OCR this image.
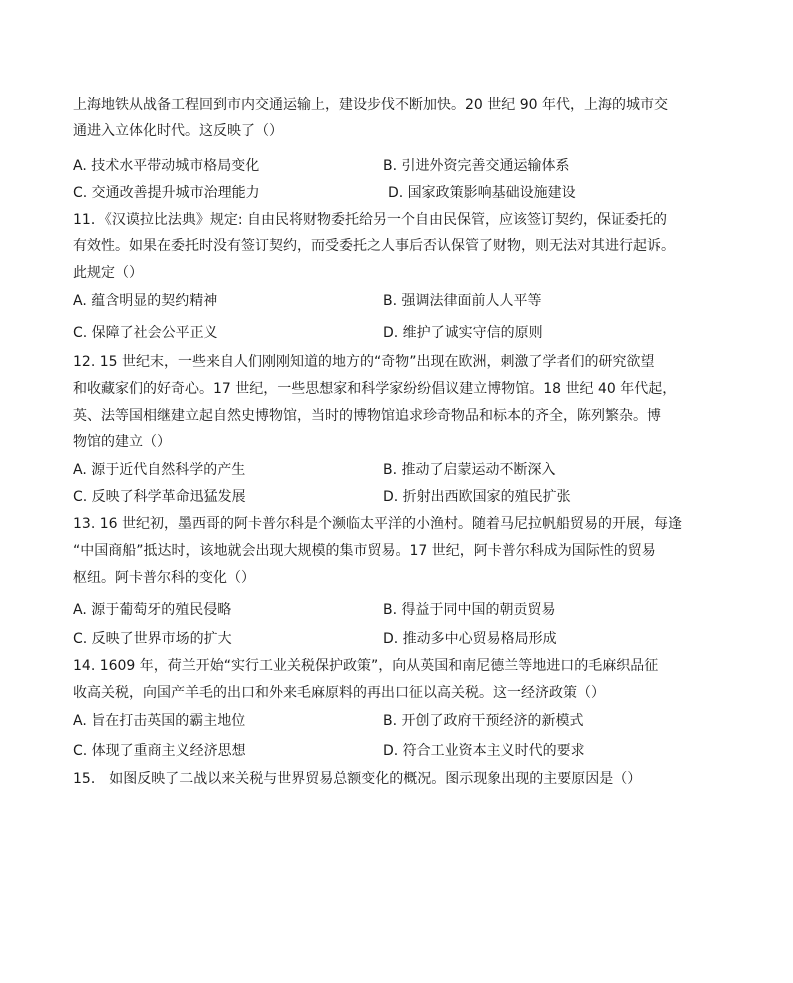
上海地铁从战备工程回到市内交通运输上，建设步伐不断加快。20 世纪 90 年代，上海的城市交
通进入立体化时代。这反映了（）
A. 技术水平带动城市格局变化	B. 引进外资完善交通运输体系
C. 交通改善提升城市治理能力	D. 国家政策影响基础设施建设
11．《汉谟拉比法典》规定: 自由民将财物委托给另一个自由民保管，应该签订契约，保证委托的
有效性。如果在委托时没有签订契约，而受委托之人事后否认保管了财物，则无法对其进行起诉。
此规定（）
A. 蕴含明显的契约精神	B. 强调法律面前人人平等
C. 保障了社会公平正义	D. 维护了诚实守信的原则
12. 15 世纪末，一些来自人们刚刚知道的地方的“奇物”出现在欧洲，刺激了学者们的研究欲望
和收藏家们的好奇心。17 世纪，一些思想家和科学家纷纷倡议建立博物馆。18 世纪 40 年代起，
英、法等国相继建立起自然史博物馆，当时的博物馆追求珍奇物品和标本的齐全，陈列繁杂。博
物馆的建立（）
A. 源于近代自然科学的产生	B. 推动了启蒙运动不断深入
C. 反映了科学革命迅猛发展	D. 折射出西欧国家的殖民扩张
13. 16 世纪初，墨西哥的阿卡普尔科是个濒临太平洋的小渔村。随着马尼拉帆船贸易的开展，每逢
“中国商船”抵达时，该地就会出现大规模的集市贸易。17 世纪，阿卡普尔科成为国际性的贸易
枢纽。阿卡普尔科的变化（）
A. 源于葡萄牙的殖民侵略	B. 得益于同中国的朝贡贸易
C. 反映了世界市场的扩大	D. 推动多中心贸易格局形成
14. 1609 年，荷兰开始“实行工业关税保护政策”，向从英国和南尼德兰等地进口的毛麻织品征
收高关税，向国产羊毛的出口和外来毛麻原料的再出口征以高关税。这一经济政策（）
A. 旨在打击英国的霸主地位	B. 开创了政府干预经济的新模式
C. 体现了重商主义经济思想	D. 符合工业资本主义时代的要求
15． 如图反映了二战以来关税与世界贸易总额变化的概况。图示现象出现的主要原因是（）
